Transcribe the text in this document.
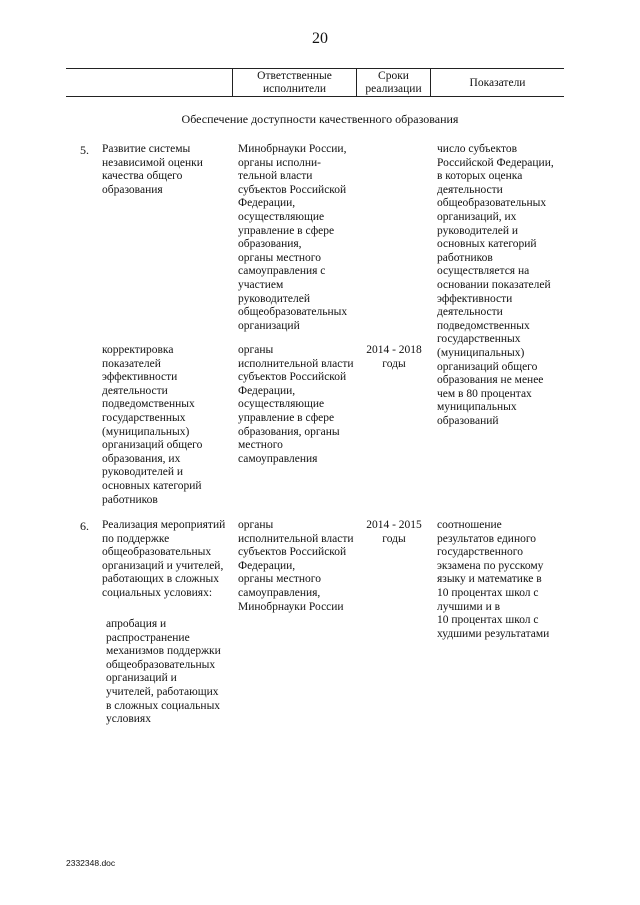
20
Ответственные
исполнители
Сроки
реализации	Показатели
Обеспечение доступности качественного образования
5. Развитие системы
независимой оценки
качества общего
образования
Минобрнауки России,
органы исполни-
тельной власти
субъектов Российской
Федерации,
осуществляющие
управление в сфере
образования,
органы местного
самоуправления с
участием
руководителей
общеобразовательных
организаций
число субъектов
Российской Федерации,
в которых оценка
деятельности
общеобразовательных
организаций, их
руководителей и
основных категорий
работников
осуществляется на
основании показателей
эффективности
деятельности
подведомственных
государственных
(муниципальных)
организаций общего
образования не менее
чем в 80 процентах
муниципальных
образований
корректировка
показателей
эффективности
деятельности
подведомственных
государственных
(муниципальных)
организаций общего
образования, их
руководителей и
основных категорий
работников
органы
исполнительной власти
субъектов Российской
Федерации,
осуществляющие
управление в сфере
образования, органы
местного
самоуправления
2014 - 2018
годы
6. Реализация мероприятий
по поддержке
общеобразовательных
организаций и учителей,
работающих в сложных
социальных условиях:
апробация и
распространение
механизмов поддержки
общеобразовательных
организаций и
учителей, работающих
в сложных социальных
условиях
органы
исполнительной власти
субъектов Российской
Федерации,
органы местного
самоуправления,
Минобрнауки России
2014 - 2015
годы
соотношение
результатов единого
государственного
экзамена по русскому
языку и математике в
10 процентах школ с
лучшими и в
10 процентах школ с
худшими результатами
2332348.doc
